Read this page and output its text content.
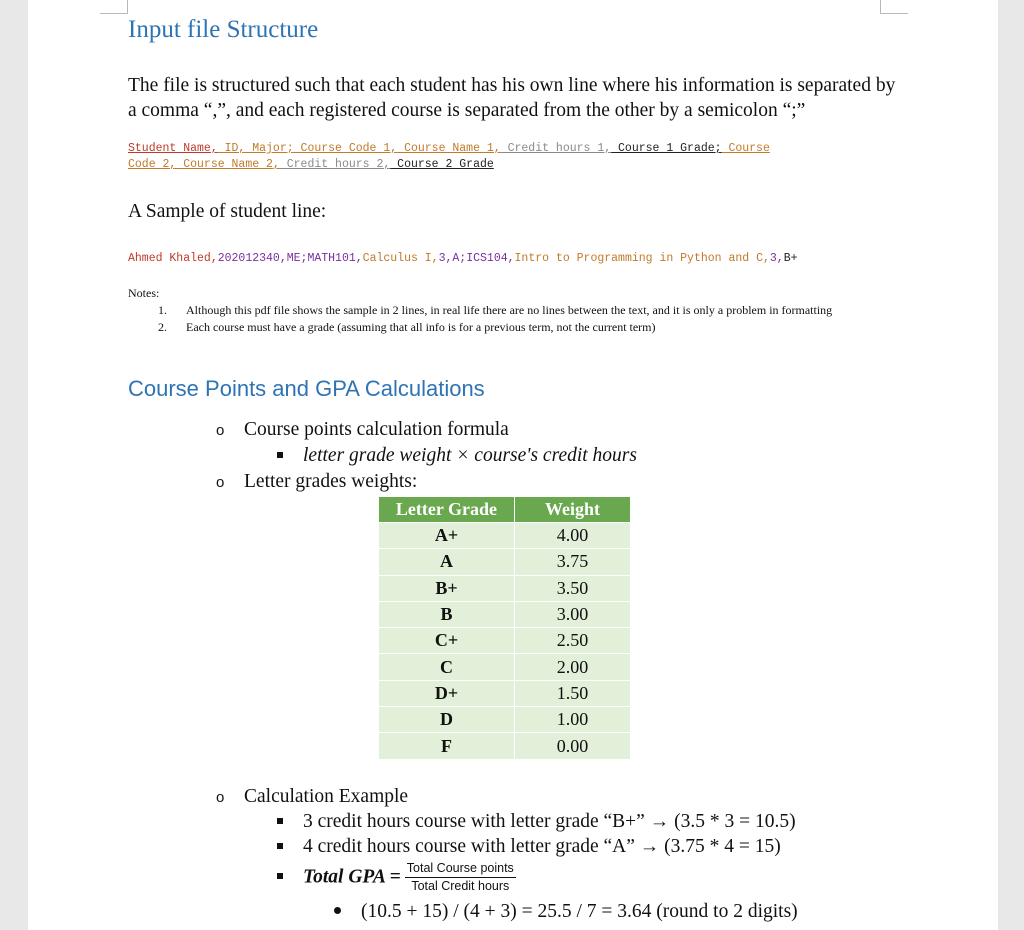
Input file Structure
The file is structured such that each student has his own line where his information is separated by
a comma “,”, and each registered course is separated from the other by a semicolon “;”
Student Name, ID, Major; Course Code 1, Course Name 1, Credit hours 1, Course 1 Grade; Course
Code 2, Course Name 2, Credit hours 2, Course 2 Grade
A Sample of student line:
Ahmed Khaled,202012340,ME;MATH101,Calculus I,3,A;ICS104,Intro to Programming in Python and C,3,B+
Notes:
1. Although this pdf file shows the sample in 2 lines, in real life there are no lines between the text, and it is only a problem in formatting
2. Each course must have a grade (assuming that all info is for a previous term, not the current term)
Course Points and GPA Calculations
o Course points calculation formula
letter grade weight × course's credit hours
o Letter grades weights:
Letter Grade	Weight
A+	4.00
A	3.75
B+	3.50
B	3.00
C+	2.50
C	2.00
D+	1.50
D	1.00
F	0.00
o Calculation Example
3 credit hours course with letter grade “B+” → (3.5 * 3 = 10.5)
4 credit hours course with letter grade “A” → (3.75 * 4 = 15)
Total GPA = $\frac{\text{Total Course points}}{\text{Total Credit hours}}$
(10.5 + 15) / (4 + 3) = 25.5 / 7 = 3.64 (round to 2 digits)
